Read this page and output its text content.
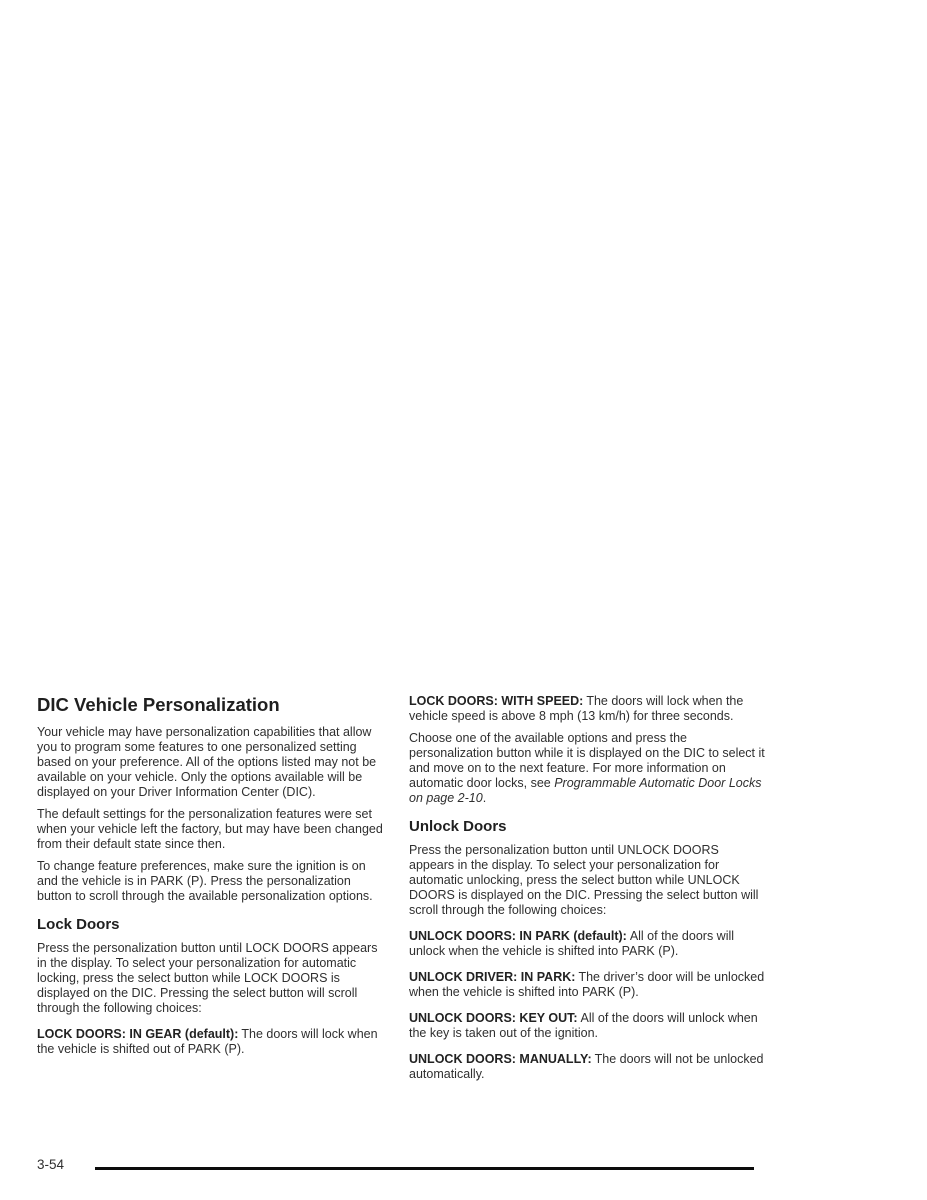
DIC Vehicle Personalization

Your vehicle may have personalization capabilities that allow you to program some features to one personalized setting based on your preference. All of the options listed may not be available on your vehicle. Only the options available will be displayed on your Driver Information Center (DIC).

The default settings for the personalization features were set when your vehicle left the factory, but may have been changed from their default state since then.

To change feature preferences, make sure the ignition is on and the vehicle is in PARK (P). Press the personalization button to scroll through the available personalization options.

Lock Doors

Press the personalization button until LOCK DOORS appears in the display. To select your personalization for automatic locking, press the select button while LOCK DOORS is displayed on the DIC. Pressing the select button will scroll through the following choices:

LOCK DOORS: IN GEAR (default): The doors will lock when the vehicle is shifted out of PARK (P).

LOCK DOORS: WITH SPEED: The doors will lock when the vehicle speed is above 8 mph (13 km/h) for three seconds.

Choose one of the available options and press the personalization button while it is displayed on the DIC to select it and move on to the next feature. For more information on automatic door locks, see Programmable Automatic Door Locks on page 2-10.

Unlock Doors

Press the personalization button until UNLOCK DOORS appears in the display. To select your personalization for automatic unlocking, press the select button while UNLOCK DOORS is displayed on the DIC. Pressing the select button will scroll through the following choices:

UNLOCK DOORS: IN PARK (default): All of the doors will unlock when the vehicle is shifted into PARK (P).

UNLOCK DRIVER: IN PARK: The driver’s door will be unlocked when the vehicle is shifted into PARK (P).

UNLOCK DOORS: KEY OUT: All of the doors will unlock when the key is taken out of the ignition.

UNLOCK DOORS: MANUALLY: The doors will not be unlocked automatically.

3-54
